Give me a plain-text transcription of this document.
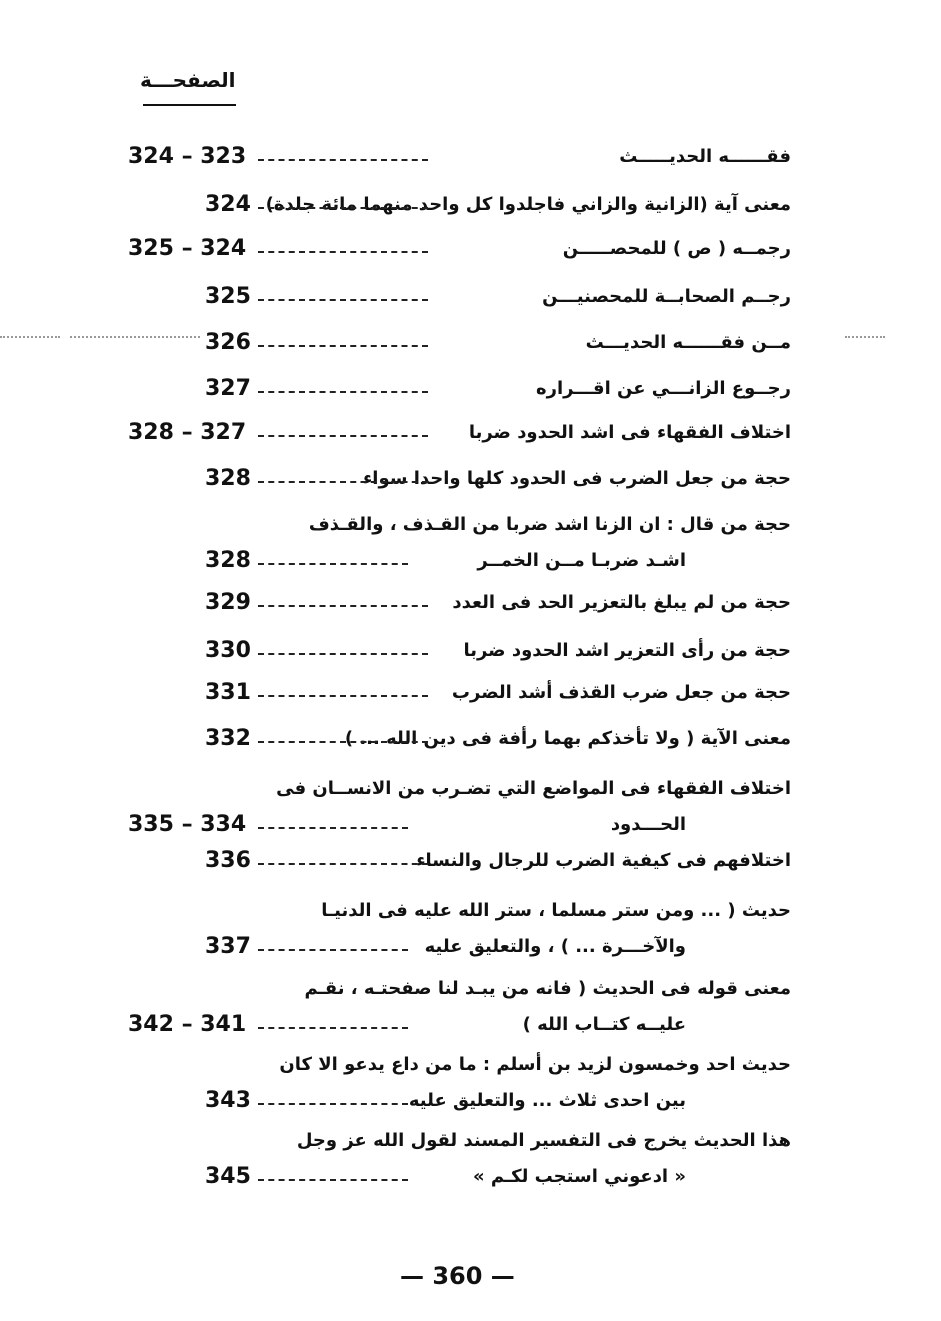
الصفحـــة
فقــــــه الحديـــــث
324 – 323
معنى آية (الزانية والزاني فاجلدوا كل واحد منهما مائة جلدة)
324
رجمــه ( ص ) للمحصـــــن
325 – 324
رجــم الصحابــة للمحصنيـــن
325
مــن فقــــــه الحديـــث
326
رجــوع الزانـــي عن اقـــراره
327
اختلاف الفقهاء فى اشد الحدود ضربا
328 – 327
حجة من جعل الضرب فى الحدود كلها واحدا سواء
328
حجة من قال : ان الزنا اشد ضربا من القـذف ، والقـذف
اشـد ضربـا مــن الخمــر
328
حجة من لم يبلغ بالتعزير الحد فى العدد
329
حجة من رأى التعزير اشد الحدود ضربا
330
حجة من جعل ضرب القذف أشد الضرب
331
معنى الآية ( ولا تأخذكم بهما رأفة فى دين الله ... )
332
اختلاف الفقهاء فى المواضع التي تضـرب من الانســان فى
الحـــدود
335 – 334
اختلافهم فى كيفية الضرب للرجال والنساء
336
حديث ( ... ومن ستر مسلما ، ستر الله عليه فى الدنيـا
والآخـــرة ... ) ، والتعليق عليه
337
معنى قوله فى الحديث ( فانه من يبـد لنا صفحتـه ، نقـم
عليــه كتــاب الله )
342 – 341
حديث احد وخمسون لزيد بن أسلم : ما من داع يدعو الا كان
بين احدى ثلاث ... والتعليق عليه
343
هذا الحديث يخرج فى التفسير المسند لقول الله عز وجل
« ادعوني استجب لكـم »
345
— 360 —
